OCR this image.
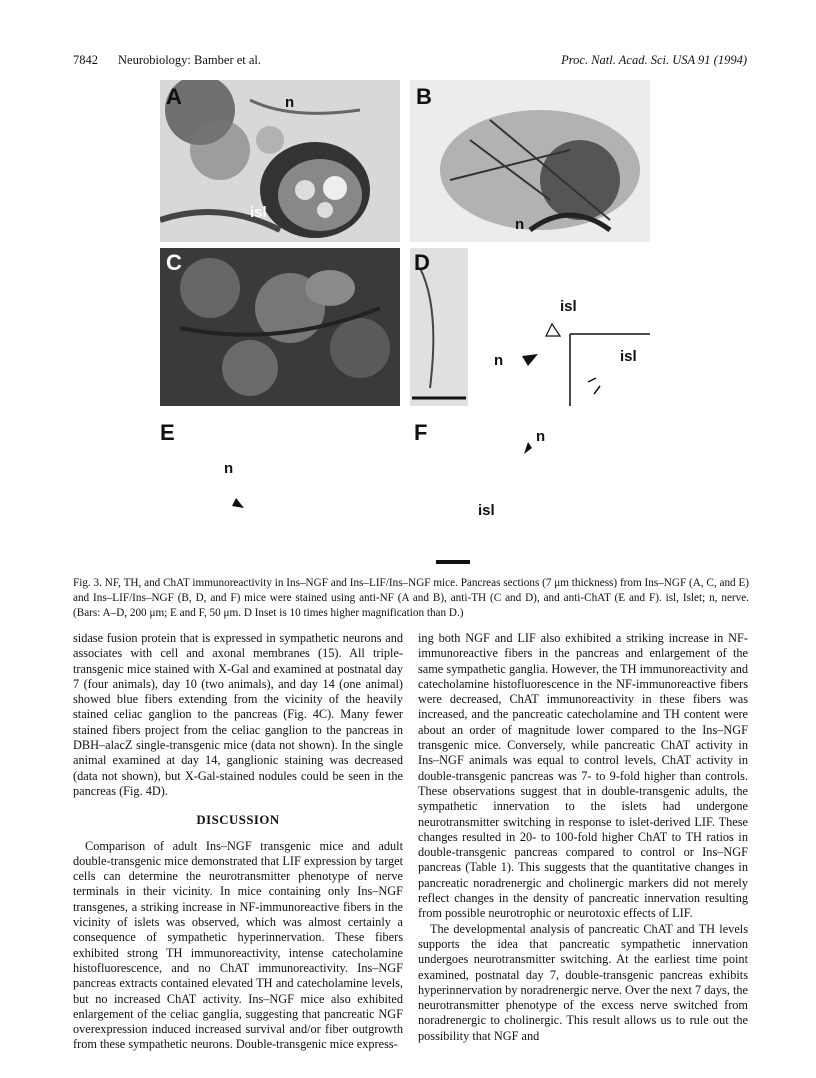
7842 Neurobiology: Bamber et al.	Proc. Natl. Acad. Sci. USA 91 (1994)
A	n
isl
B
n
C	D
isl
n	isl
E
n
F	n
isl
Fig. 3. NF, TH, and ChAT immunoreactivity in Ins–NGF and Ins–LIF/Ins–NGF mice. Pancreas sections (7 μm thickness) from Ins–NGF (A, C, and E) and Ins–LIF/Ins–NGF (B, D, and F) mice were stained using anti-NF (A and B), anti-TH (C and D), and anti-ChAT (E and F). isl, Islet; n, nerve. (Bars: A–D, 200 μm; E and F, 50 μm. D Inset is 10 times higher magnification than D.)

sidase fusion protein that is expressed in sympathetic neurons and associates with cell and axonal membranes (15). All triple-transgenic mice stained with X-Gal and examined at postnatal day 7 (four animals), day 10 (two animals), and day 14 (one animal) showed blue fibers extending from the vicinity of the heavily stained celiac ganglion to the pancreas (Fig. 4C). Many fewer stained fibers project from the celiac ganglion to the pancreas in DBH–alacZ single-transgenic mice (data not shown). In the single animal examined at day 14, ganglionic staining was decreased (data not shown), but X-Gal-stained nodules could be seen in the pancreas (Fig. 4D).

DISCUSSION

Comparison of adult Ins–NGF transgenic mice and adult double-transgenic mice demonstrated that LIF expression by target cells can determine the neurotransmitter phenotype of nerve terminals in their vicinity. In mice containing only Ins–NGF transgenes, a striking increase in NF-immunoreactive fibers in the vicinity of islets was observed, which was almost certainly a consequence of sympathetic hyperinnervation. These fibers exhibited strong TH immunoreactivity, intense catecholamine histofluorescence, and no ChAT immunoreactivity. Ins–NGF pancreas extracts contained elevated TH and catecholamine levels, but no increased ChAT activity. Ins–NGF mice also exhibited enlargement of the celiac ganglia, suggesting that pancreatic NGF overexpression induced increased survival and/or fiber outgrowth from these sympathetic neurons. Double-transgenic mice express-

ing both NGF and LIF also exhibited a striking increase in NF-immunoreactive fibers in the pancreas and enlargement of the same sympathetic ganglia. However, the TH immunoreactivity and catecholamine histofluorescence in the NF-immunoreactive fibers were decreased, ChAT immunoreactivity in these fibers was increased, and the pancreatic catecholamine and TH content were about an order of magnitude lower compared to the Ins–NGF transgenic mice. Conversely, while pancreatic ChAT activity in Ins–NGF animals was equal to control levels, ChAT activity in double-transgenic pancreas was 7- to 9-fold higher than controls. These observations suggest that in double-transgenic adults, the sympathetic innervation to the islets had undergone neurotransmitter switching in response to islet-derived LIF. These changes resulted in 20- to 100-fold higher ChAT to TH ratios in double-transgenic pancreas compared to control or Ins–NGF pancreas (Table 1). This suggests that the quantitative changes in pancreatic noradrenergic and cholinergic markers did not merely reflect changes in the density of pancreatic innervation resulting from possible neurotrophic or neurotoxic effects of LIF.

The developmental analysis of pancreatic ChAT and TH levels supports the idea that pancreatic sympathetic innervation undergoes neurotransmitter switching. At the earliest time point examined, postnatal day 7, double-transgenic pancreas exhibits hyperinnervation by noradrenergic nerve. Over the next 7 days, the neurotransmitter phenotype of the excess nerve switched from noradrenergic to cholinergic. This result allows us to rule out the possibility that NGF and
